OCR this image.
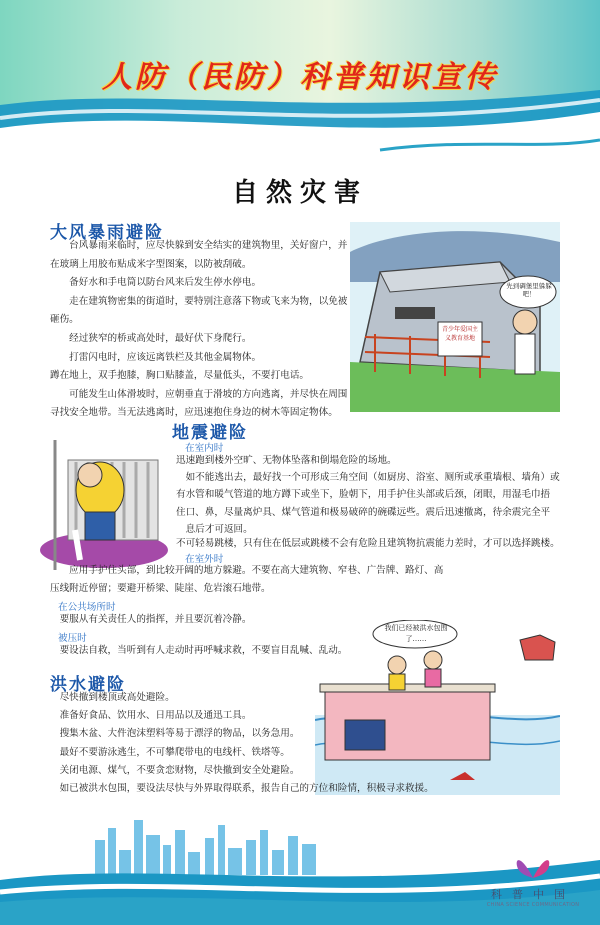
人防（民防）科普知识宣传
自然灾害
大风暴雨避险

　　台风暴雨来临时，应尽快躲到安全结实的建筑物里，关好窗户，并

在玻璃上用胶布贴成米字型图案，以防被刮破。

　　备好水和手电筒以防台风来后发生停水停电。

　　走在建筑物密集的街道时，要特别注意落下物或飞来为物，以免被

砸伤。

　　经过狭窄的桥或高处时，最好伏下身爬行。

　　打雷闪电时，应该远离铁栏及其他金属物体。

蹲在地上，双手抱膝，胸口贴膝盖，尽量低头，不要打电话。

　　可能发生山体滑坡时，应朝垂直于滑坡的方向逃离，并尽快在周围

寻找安全地带。当无法逃离时，应迅速抱住身边的树木等固定物体。

先到碉堡里躲躲吧！
青少年爱国主义教育基地
地震避险
在室内时

迅速跑到楼外空旷、无物体坠落和倒塌危险的场地。

　如不能逃出去，最好找一个可形成三角空间（如厨房、浴室、厕所或承重墙根、墙角）或

有水管和暖气管道的地方蹲下或坐下，脸朝下，用手护住头部或后颈，闭眼，用湿毛巾捂

住口、鼻，尽量离炉具、煤气管道和极易破碎的碗碟远些。震后迅速撤离，待余震完全平

　息后才可返回。

不可轻易跳楼，只有住在低层或跳楼不会有危险且建筑物抗震能力差时，才可以选择跳楼。

在室外时

　　应用手护住头部，到比较开阔的地方躲避。不要在高大建筑物、窄巷、广告牌、路灯、高

压线附近停留；要避开桥梁、陡崖、危岩滚石地带。

在公共场所时

　要服从有关责任人的指挥，并且要沉着冷静。

被压时

　要设法自救，当听到有人走动时再呼喊求救，不要盲目乱喊、乱动。

我们已经被洪水包围了……
洪水避险

　尽快撤到楼顶或高处避险。

　准备好食品、饮用水、日用品以及通迅工具。

　搜集木盆、大件泡沫塑料等易于漂浮的物品，以务急用。

　最好不要游泳逃生，不可攀爬带电的电线杆、铁塔等。

　关闭电源、煤气，不要贪恋财物，尽快撤到安全处避险。

　如已被洪水包围，要设法尽快与外界取得联系，报告自己的方位和险情，积极寻求救援。

科普中国
CHINA SCIENCE COMMUNICATION
